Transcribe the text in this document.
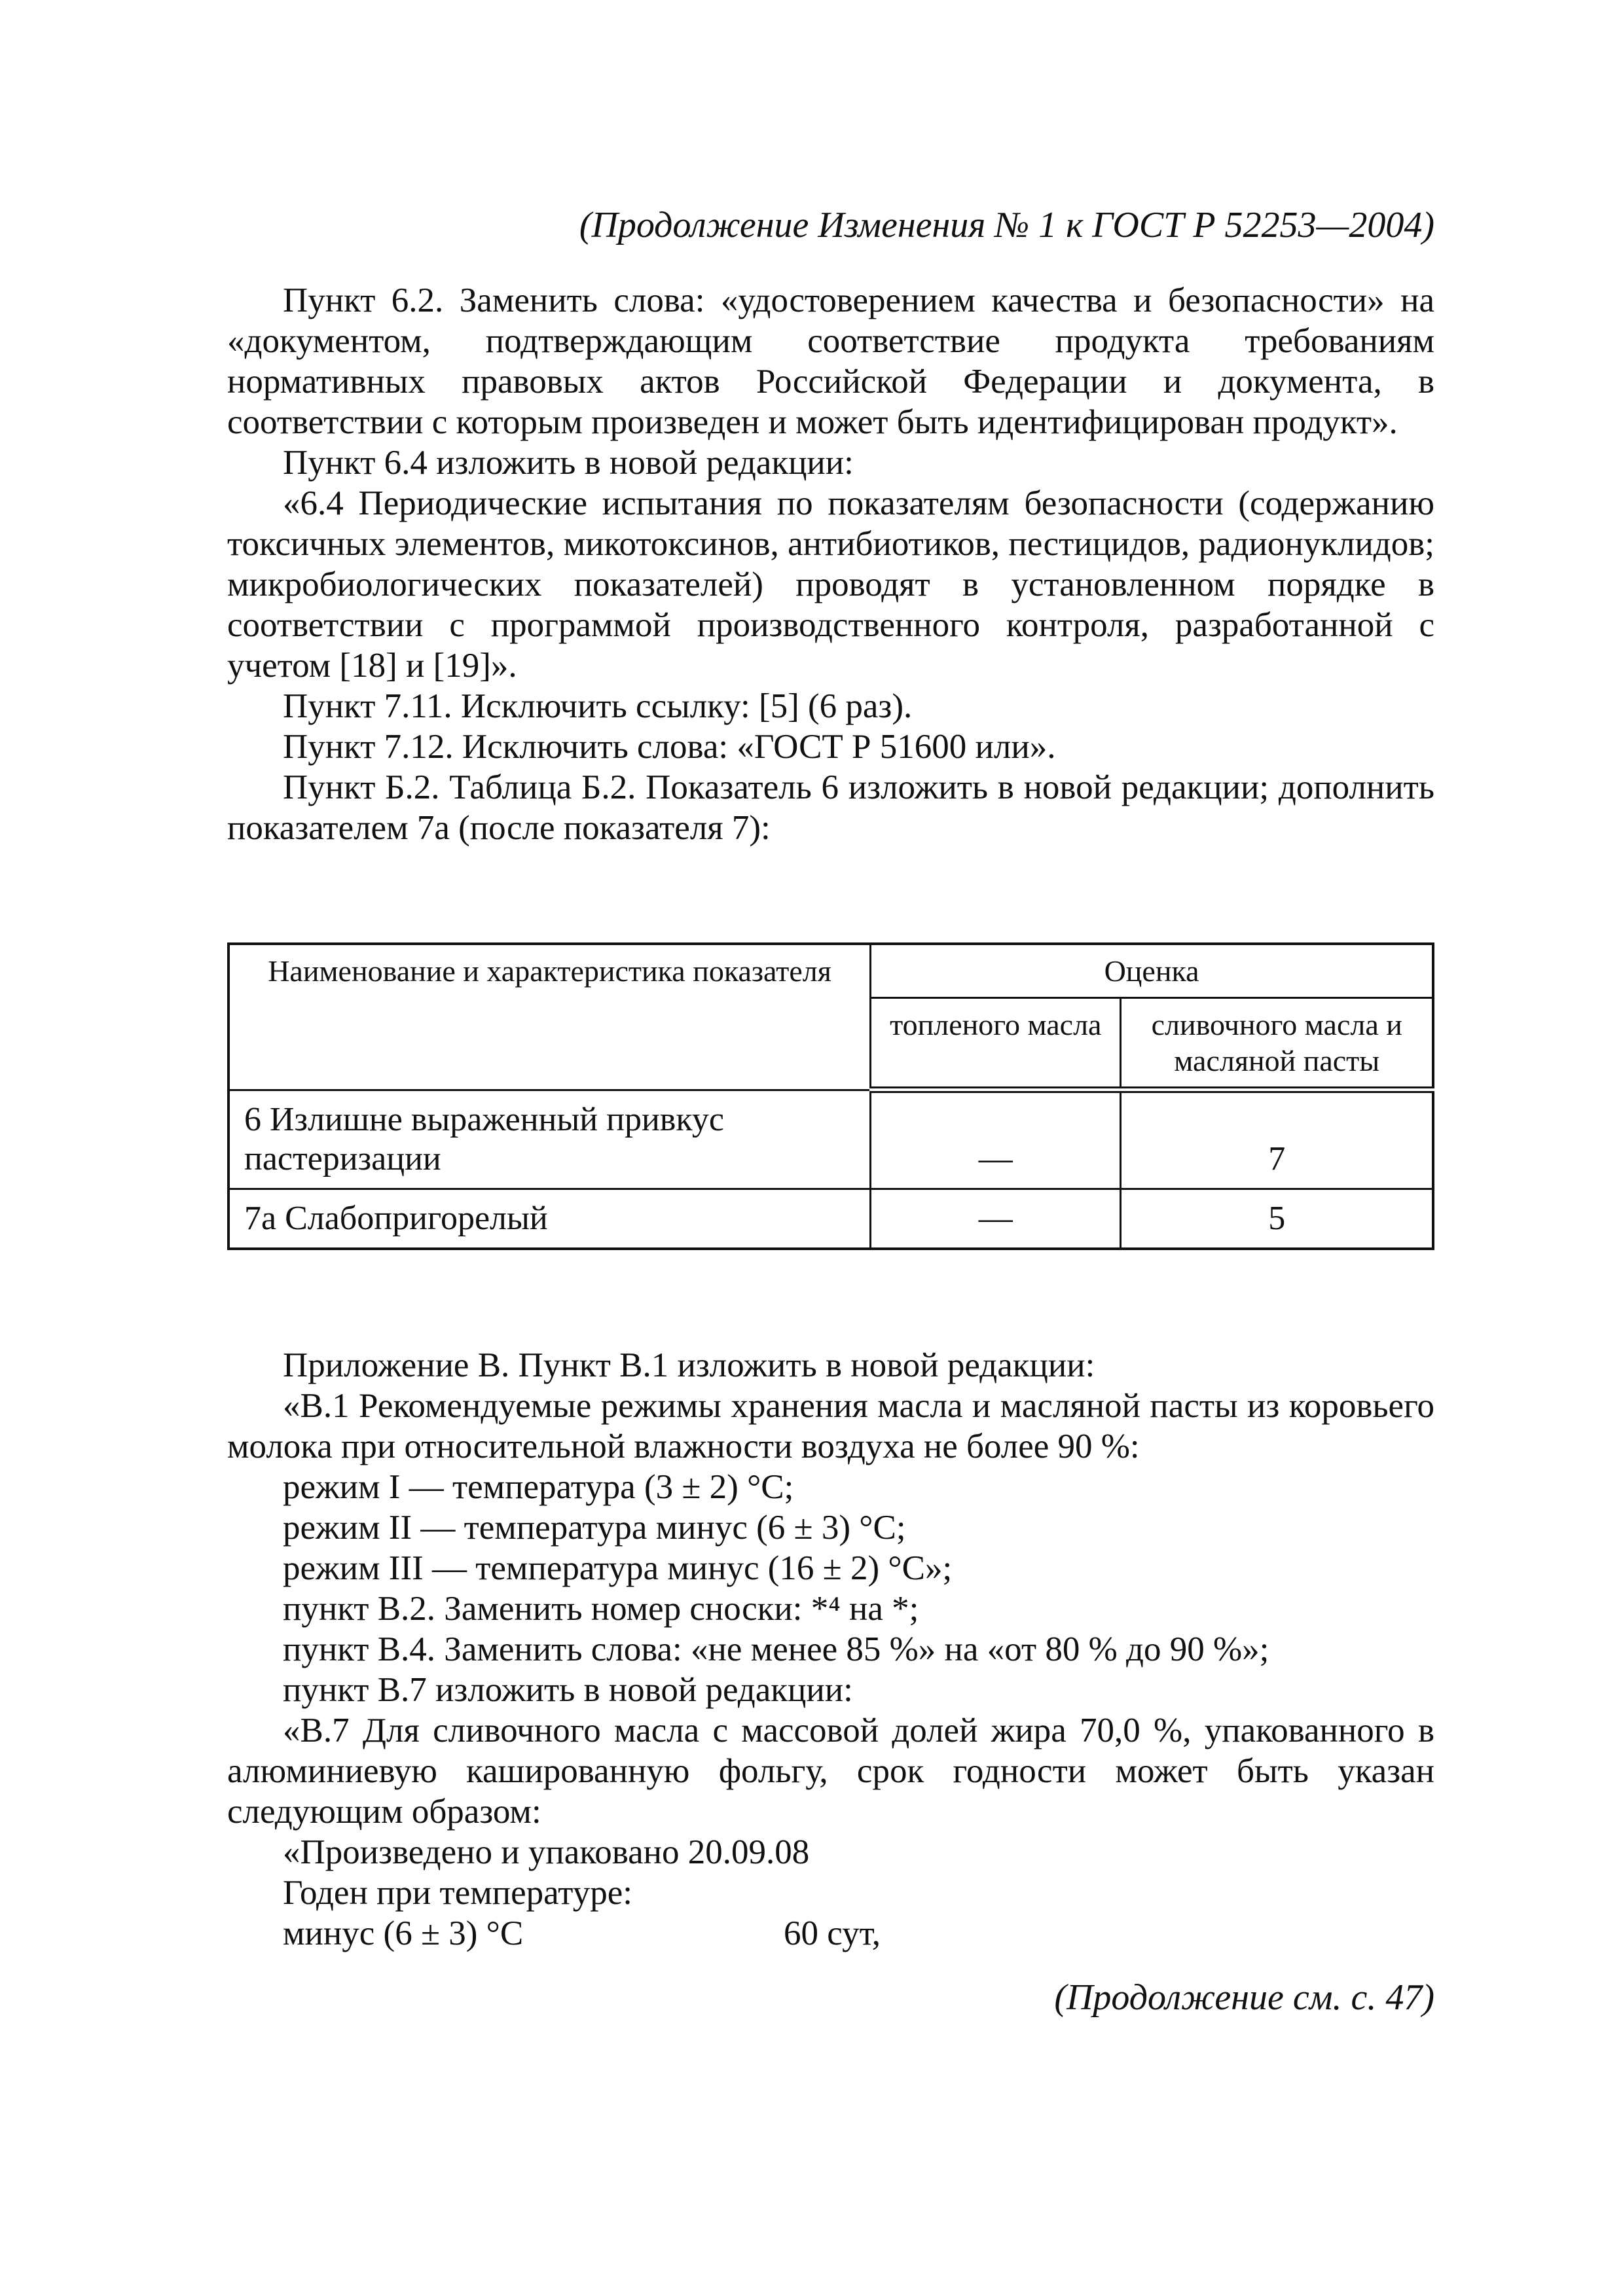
(Продолжение Изменения № 1 к ГОСТ Р 52253—2004)

Пункт 6.2. Заменить слова: «удостоверением качества и безопасности» на «документом, подтверждающим соответствие продукта требованиям нормативных правовых актов Российской Федерации и документа, в соответствии с которым произведен и может быть идентифицирован продукт».

Пункт 6.4 изложить в новой редакции:

«6.4 Периодические испытания по показателям безопасности (содержанию токсичных элементов, микотоксинов, антибиотиков, пестицидов, радионуклидов; микробиологических показателей) проводят в установленном порядке в соответствии с программой производственного контроля, разработанной с учетом [18] и [19]».

Пункт 7.11. Исключить ссылку: [5] (6 раз).

Пункт 7.12. Исключить слова: «ГОСТ Р 51600 или».

Пункт Б.2. Таблица Б.2. Показатель 6 изложить в новой редакции; дополнить показателем 7а (после показателя 7):

Наименование и характеристика показателя	Оценка	
	топленого масла	сливочного масла и масляной пасты
6 Излишне выраженный привкус пастеризации	—	7
7а Слабопригорелый	—	5

Приложение В. Пункт В.1 изложить в новой редакции:

«В.1 Рекомендуемые режимы хранения масла и масляной пасты из коровьего молока при относительной влажности воздуха не более 90 %:

режим I — температура (3 ± 2) °С;

режим II — температура минус (6 ± 3) °С;

режим III — температура минус (16 ± 2) °С»;

пункт В.2. Заменить номер сноски: *⁴ на *;

пункт В.4. Заменить слова: «не менее 85 %» на «от 80 % до 90 %»;

пункт В.7 изложить в новой редакции:

«В.7 Для сливочного масла с массовой долей жира 70,0 %, упакованного в алюминиевую кашированную фольгу, срок годности может быть указан следующим образом:

«Произведено и упаковано 20.09.08

Годен при температуре:

минус (6 ± 3) °С	60 сут,
(Продолжение см. с. 47)
